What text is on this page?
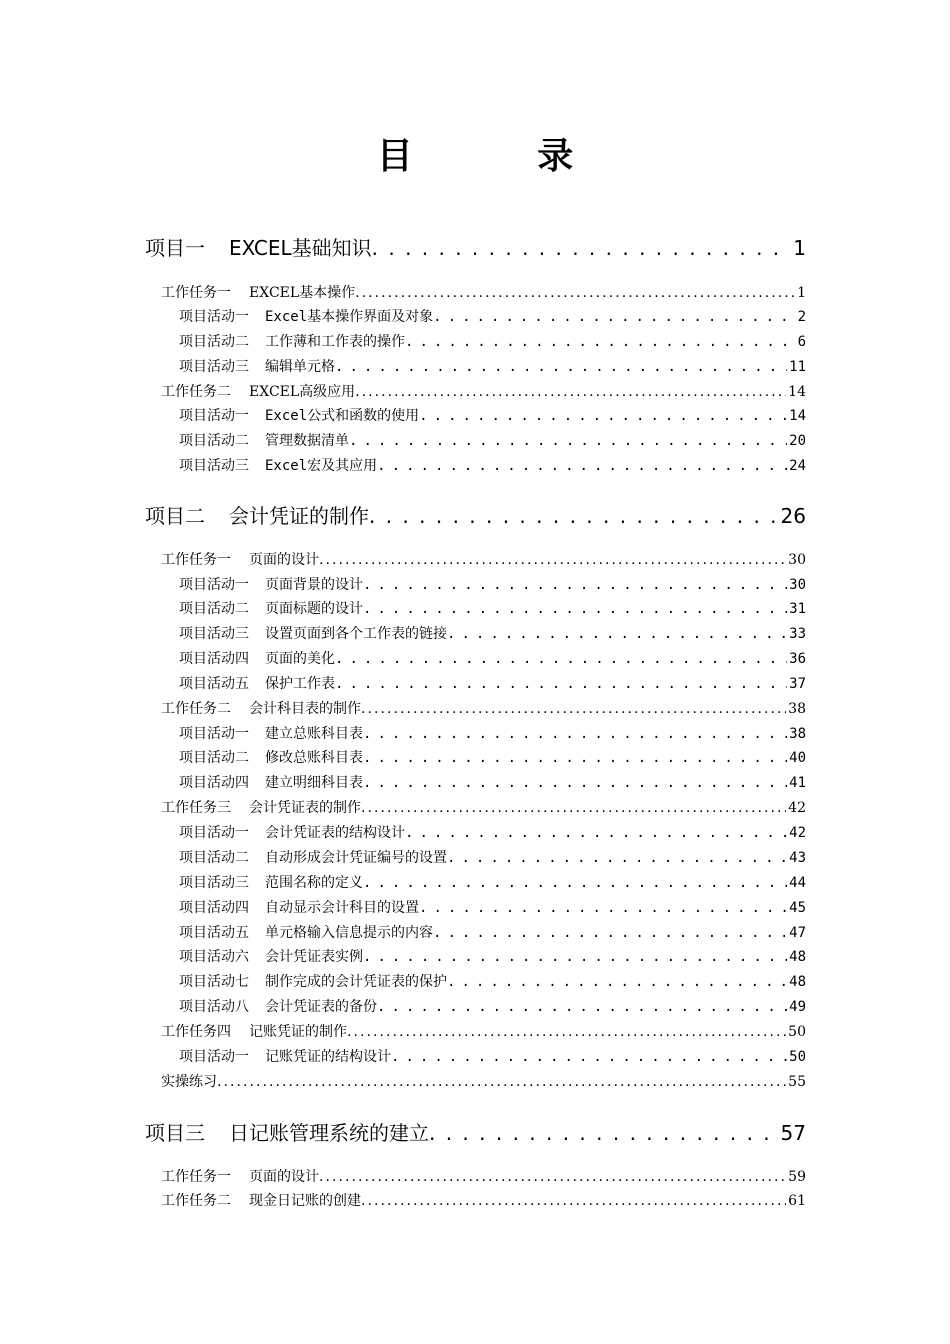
目 录
项目一 EXCEL基础知识 . . .	1
工作任务一 EXCEL基本操作 . . .	1
项目活动一 Excel基本操作界面及对象 . . .	2
项目活动二 工作薄和工作表的操作 . . .	6
项目活动三 编辑单元格 . . .	11
工作任务二 EXCEL高级应用 . . .	14
项目活动一 Excel公式和函数的使用 . . .	14
项目活动二 管理数据清单 . . .	20
项目活动三 Excel宏及其应用 . . .	24
项目二 会计凭证的制作 . . .	26
工作任务一 页面的设计 . . .	30
项目活动一 页面背景的设计 . . .	30
项目活动二 页面标题的设计 . . .	31
项目活动三 设置页面到各个工作表的链接 . . .	33
项目活动四 页面的美化 . . .	36
项目活动五 保护工作表 . . .	37
工作任务二 会计科目表的制作 . . .	38
项目活动一 建立总账科目表 . . .	38
项目活动二 修改总账科目表 . . .	40
项目活动四 建立明细科目表 . . .	41
工作任务三 会计凭证表的制作 . . .	42
项目活动一 会计凭证表的结构设计 . . .	42
项目活动二 自动形成会计凭证编号的设置 . . .	43
项目活动三 范围名称的定义 . . .	44
项目活动四 自动显示会计科目的设置 . . .	45
项目活动五 单元格输入信息提示的内容 . . .	47
项目活动六 会计凭证表实例 . . .	48
项目活动七 制作完成的会计凭证表的保护 . . .	48
项目活动八 会计凭证表的备份 . . .	49
工作任务四 记账凭证的制作 . . .	50
项目活动一 记账凭证的结构设计 . . .	50
实操练习 . . .	55
项目三 日记账管理系统的建立 . . .	57
工作任务一 页面的设计 . . .	59
工作任务二 现金日记账的创建 . . .	61
